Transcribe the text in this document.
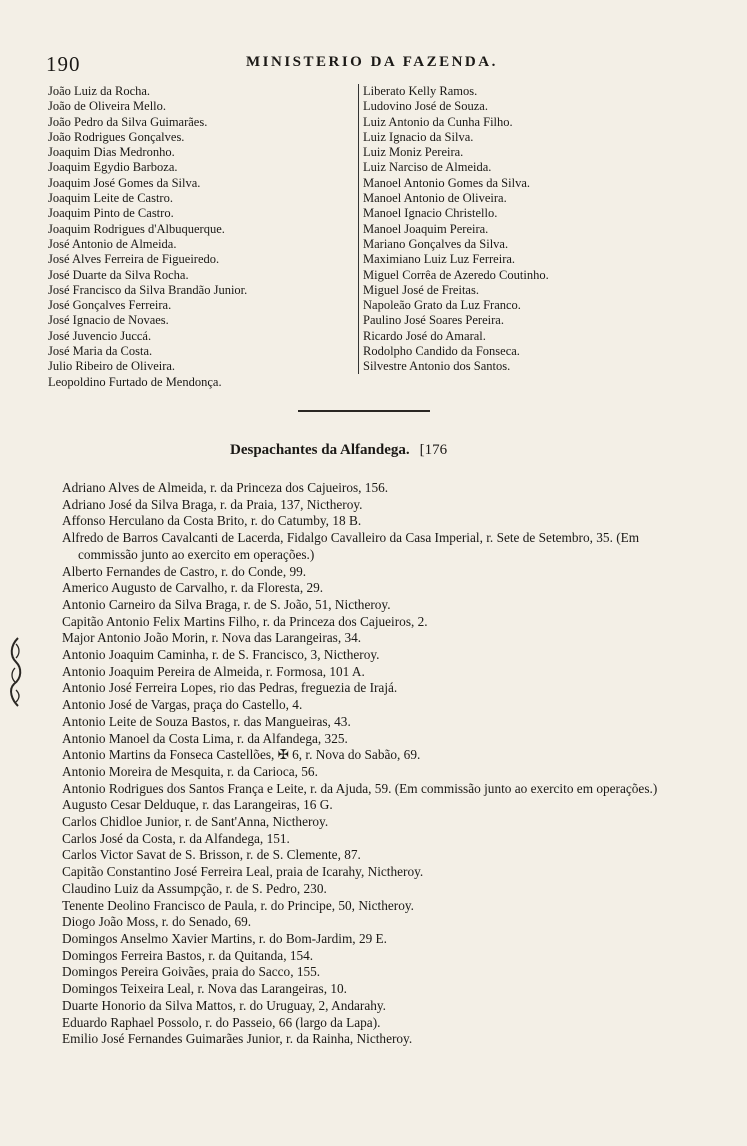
190	MINISTERIO DA FAZENDA.
João Luiz da Rocha.
João de Oliveira Mello.
João Pedro da Silva Guimarães.
João Rodrigues Gonçalves.
Joaquim Dias Medronho.
Joaquim Egydio Barboza.
Joaquim José Gomes da Silva.
Joaquim Leite de Castro.
Joaquim Pinto de Castro.
Joaquim Rodrigues d'Albuquerque.
José Antonio de Almeida.
José Alves Ferreira de Figueiredo.
José Duarte da Silva Rocha.
José Francisco da Silva Brandão Junior.
José Gonçalves Ferreira.
José Ignacio de Novaes.
José Juvencio Juccá.
José Maria da Costa.
Julio Ribeiro de Oliveira.
Leopoldino Furtado de Mendonça.
Liberato Kelly Ramos.
Ludovino José de Souza.
Luiz Antonio da Cunha Filho.
Luiz Ignacio da Silva.
Luiz Moniz Pereira.
Luiz Narciso de Almeida.
Manoel Antonio Gomes da Silva.
Manoel Antonio de Oliveira.
Manoel Ignacio Christello.
Manoel Joaquim Pereira.
Mariano Gonçalves da Silva.
Maximiano Luiz Luz Ferreira.
Miguel Corrêa de Azeredo Coutinho.
Miguel José de Freitas.
Napoleão Grato da Luz Franco.
Paulino José Soares Pereira.
Ricardo José do Amaral.
Rodolpho Candido da Fonseca.
Silvestre Antonio dos Santos.
Despachantes da Alfandega. [176
Adriano Alves de Almeida, r. da Princeza dos Cajueiros, 156.
Adriano José da Silva Braga, r. da Praia, 137, Nictheroy.
Affonso Herculano da Costa Brito, r. do Catumby, 18 B.
Alfredo de Barros Cavalcanti de Lacerda, Fidalgo Cavalleiro da Casa Imperial, r. Sete de Setembro, 35. (Em commissão junto ao exercito em operações.)
Alberto Fernandes de Castro, r. do Conde, 99.
Americo Augusto de Carvalho, r. da Floresta, 29.
Antonio Carneiro da Silva Braga, r. de S. João, 51, Nictheroy.
Capitão Antonio Felix Martins Filho, r. da Princeza dos Cajueiros, 2.
Major Antonio João Morin, r. Nova das Larangeiras, 34.
Antonio Joaquim Caminha, r. de S. Francisco, 3, Nictheroy.
Antonio Joaquim Pereira de Almeida, r. Formosa, 101 A.
Antonio José Ferreira Lopes, rio das Pedras, freguezia de Irajá.
Antonio José de Vargas, praça do Castello, 4.
Antonio Leite de Souza Bastos, r. das Mangueiras, 43.
Antonio Manoel da Costa Lima, r. da Alfandega, 325.
Antonio Martins da Fonseca Castellões, ✠ 6, r. Nova do Sabão, 69.
Antonio Moreira de Mesquita, r. da Carioca, 56.
Antonio Rodrigues dos Santos França e Leite, r. da Ajuda, 59. (Em commissão junto ao exercito em operações.)
Augusto Cesar Delduque, r. das Larangeiras, 16 G.
Carlos Chidloe Junior, r. de Sant'Anna, Nictheroy.
Carlos José da Costa, r. da Alfandega, 151.
Carlos Victor Savat de S. Brisson, r. de S. Clemente, 87.
Capitão Constantino José Ferreira Leal, praia de Icarahy, Nictheroy.
Claudino Luiz da Assumpção, r. de S. Pedro, 230.
Tenente Deolino Francisco de Paula, r. do Principe, 50, Nictheroy.
Diogo João Moss, r. do Senado, 69.
Domingos Anselmo Xavier Martins, r. do Bom-Jardim, 29 E.
Domingos Ferreira Bastos, r. da Quitanda, 154.
Domingos Pereira Goivães, praia do Sacco, 155.
Domingos Teixeira Leal, r. Nova das Larangeiras, 10.
Duarte Honorio da Silva Mattos, r. do Uruguay, 2, Andarahy.
Eduardo Raphael Possolo, r. do Passeio, 66 (largo da Lapa).
Emilio José Fernandes Guimarães Junior, r. da Rainha, Nictheroy.
